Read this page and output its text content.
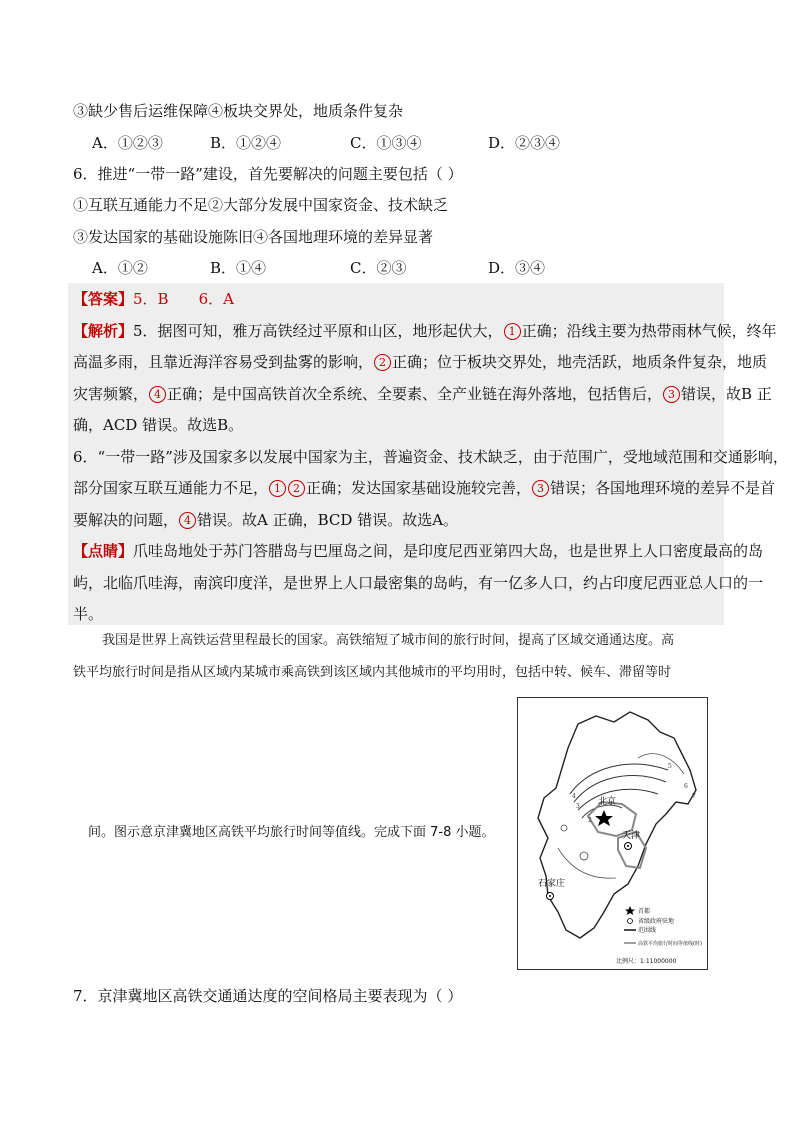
③缺少售后运维保障④板块交界处，地质条件复杂
A．①②③	B．①②④	C．①③④	D．②③④
6．推进“一带一路”建设，首先要解决的问题主要包括（ ）
①互联互通能力不足②大部分发展中国家资金、技术缺乏
③发达国家的基础设施陈旧④各国地理环境的差异显著
A．①②	B．①④	C．②③	D．③④
【答案】5．B　　6．A
【解析】5．据图可知，雅万高铁经过平原和山区，地形起伏大， 1 正确；沿线主要为热带雨林气候，终年
高温多雨，且靠近海洋容易受到盐雾的影响， 2 正确；位于板块交界处，地壳活跃，地质条件复杂，地质
灾害频繁， 4 正确；是中国高铁首次全系统、全要素、全产业链在海外落地，包括售后， 3 错误，故B 正
确，ACD 错误。故选B。
6．“一带一路”涉及国家多以发展中国家为主，普遍资金、技术缺乏，由于范围广，受地域范围和交通影响，
部分国家互联互通能力不足， 1 2 正确；发达国家基础设施较完善， 3 错误；各国地理环境的差异不是首
要解决的问题， 4 错误。故A 正确，BCD 错误。故选A。
【点睛】爪哇岛地处于苏门答腊岛与巴厘岛之间，是印度尼西亚第四大岛，也是世界上人口密度最高的岛
屿，北临爪哇海，南滨印度洋，是世界上人口最密集的岛屿，有一亿多人口，约占印度尼西亚总人口的一
半。
我国是世界上高铁运营里程最长的国家。高铁缩短了城市间的旅行时间，提高了区域交通通达度。高
铁平均旅行时间是指从区域内某城市乘高铁到该区域内其他城市的平均用时，包括中转、候车、滞留等时
间。图示意京津冀地区高铁平均旅行时间等值线。完成下面 7-8 小题。
北京
天津
石家庄
2
3
4
5
6
7
首都
省级政府驻地
范围线
高铁平均旅行时间等值线(时)
比例尺：1:11000000
7．京津冀地区高铁交通通达度的空间格局主要表现为（ ）
